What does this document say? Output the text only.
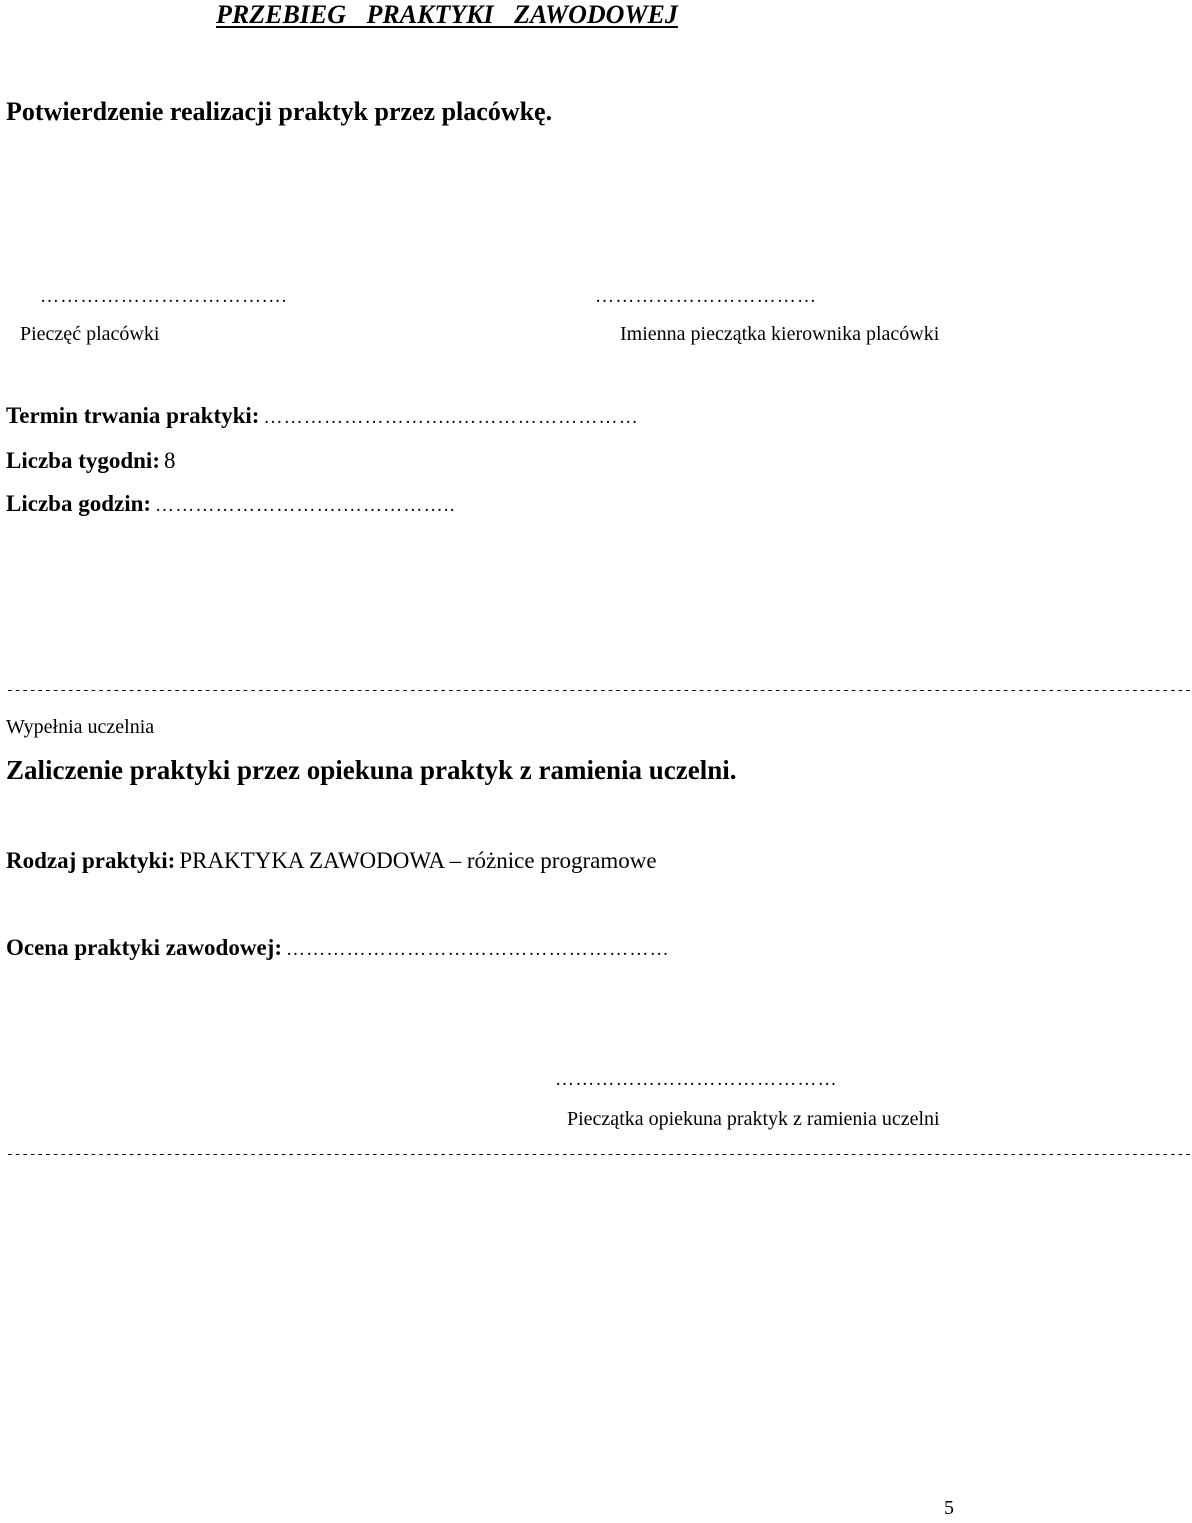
PRZEBIEG PRAKTYKI ZAWODOWEJ
Potwierdzenie realizacji praktyk przez placówkę.
…………………………….…	……………………………
Pieczęć placówki	Imienna pieczątka kierownika placówki
Termin trwania praktyki: ………………………..………………………
Liczba tygodni: 8
Liczba godzin: ……………………….……………..
------------------------------------------------------------------------------------------------------------------------------------------------------------
Wypełnia uczelnia
Zaliczenie praktyki przez opiekuna praktyk z ramienia uczelni.
Rodzaj praktyki: PRAKTYKA ZAWODOWA – różnice programowe
Ocena praktyki zawodowej: …………………………………………………
……………………………………
Pieczątka opiekuna praktyk z ramienia uczelni
------------------------------------------------------------------------------------------------------------------------------------------------------------
5
